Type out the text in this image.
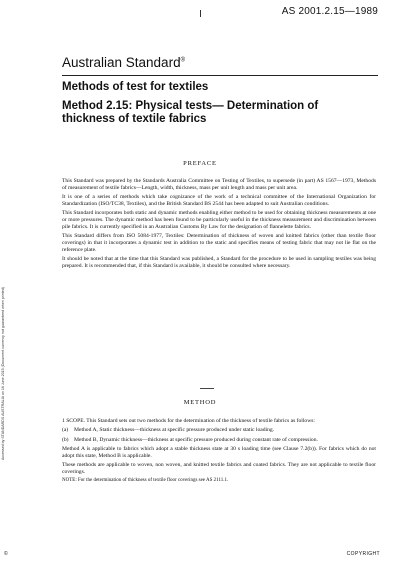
AS 2001.2.15—1989
Australian Standard®
Methods of test for textiles
Method 2.15: Physical tests— Determination of thickness of textile fabrics
PREFACE

This Standard was prepared by the Standards Australia Committee on Testing of Textiles, to supersede (in part) AS 1567—1973, Methods of measurement of textile fabrics—Length, width, thickness, mass per unit length and mass per unit area.

It is one of a series of methods which take cognizance of the work of a technical committee of the International Organization for Standardization (ISO/TC38, Textiles), and the British Standard BS 2544 has been adapted to suit Australian conditions.

This Standard incorporates both static and dynamic methods enabling either method to be used for obtaining thickness measurements at one or more pressures. The dynamic method has been found to be particularly useful in the thickness measurement and discrimination between pile fabrics. It is currently specified in an Australian Customs By Law for the designation of flannelette fabrics.

This Standard differs from ISO 5084-1977, Textiles: Determination of thickness of woven and knitted fabrics (other than textile floor coverings) in that it incorporates a dynamic test in addition to the static and specifies means of testing fabric that may not lie flat on the reference plate.

It should be noted that at the time that this Standard was published, a Standard for the procedure to be used in sampling textiles was being prepared. It is recommended that, if this Standard is available, it should be consulted where necessary.

METHOD

1 SCOPE. This Standard sets out two methods for the determination of the thickness of textile fabrics as follows:

(a)	Method A, Static thickness—thickness at specific pressure produced under static loading.
(b) Method B, Dynamic thickness—thickness at specific pressure produced during constant rate of compression.

Method A is applicable to fabrics which adopt a stable thickness state at 30 s loading time (see Clause 7.2(b)). For fabrics which do not adopt this state, Method B is applicable.

These methods are applicable to woven, non woven, and knitted textile fabrics and coated fabrics. They are not applicable to textile floor coverings.

NOTE: For the determination of thickness of textile floor coverings see AS 2111.1.

Accessed by STANDARDS AUSTRALIA on 16 June 2015 (Document currency not guaranteed when printed)
©	COPYRIGHT
